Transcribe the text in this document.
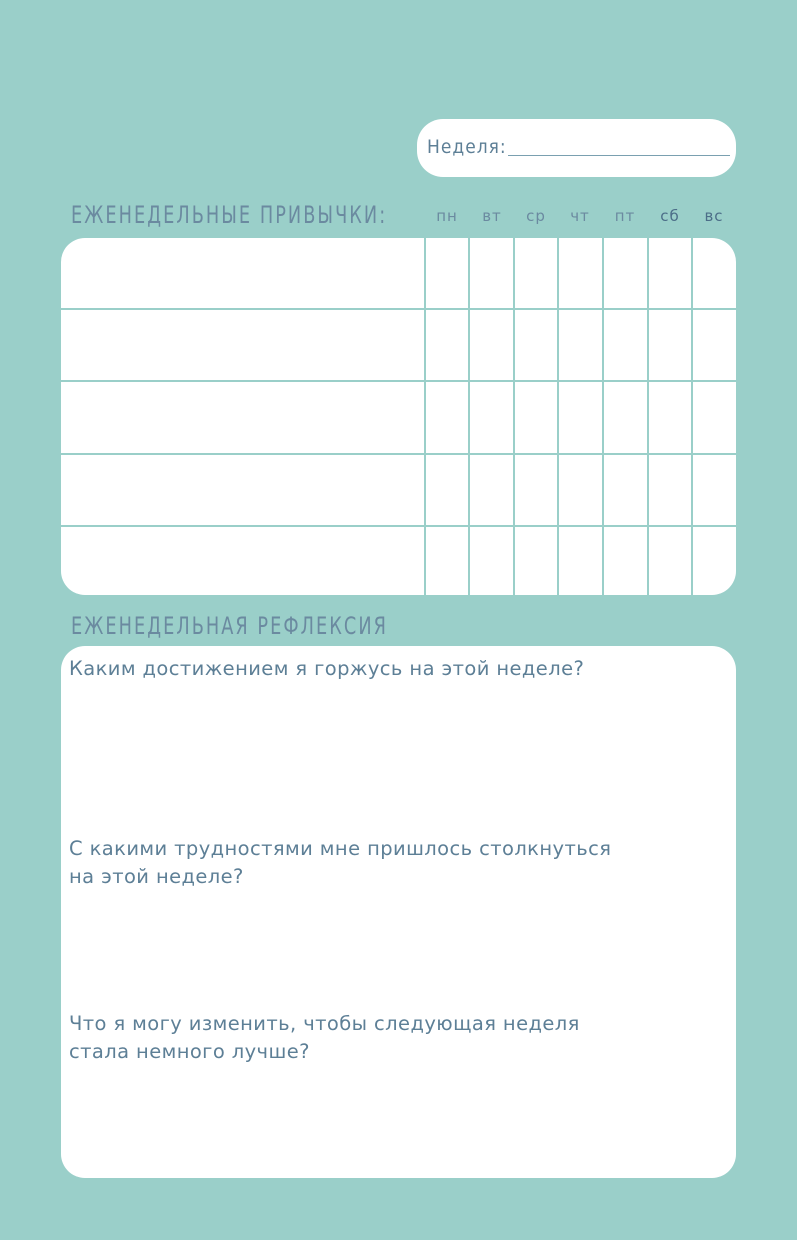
Неделя:
ЕЖЕНЕДЕЛЬНЫЕ ПРИВЫЧКИ:	пн	вт	ср	чт	пт	сб	вс
ЕЖЕНЕДЕЛЬНАЯ РЕФЛЕКСИЯ
Каким достижением я горжусь на этой неделе?
С какими трудностями мне пришлось столкнуться
на этой неделе?
Что я могу изменить, чтобы следующая неделя
стала немного лучше?
